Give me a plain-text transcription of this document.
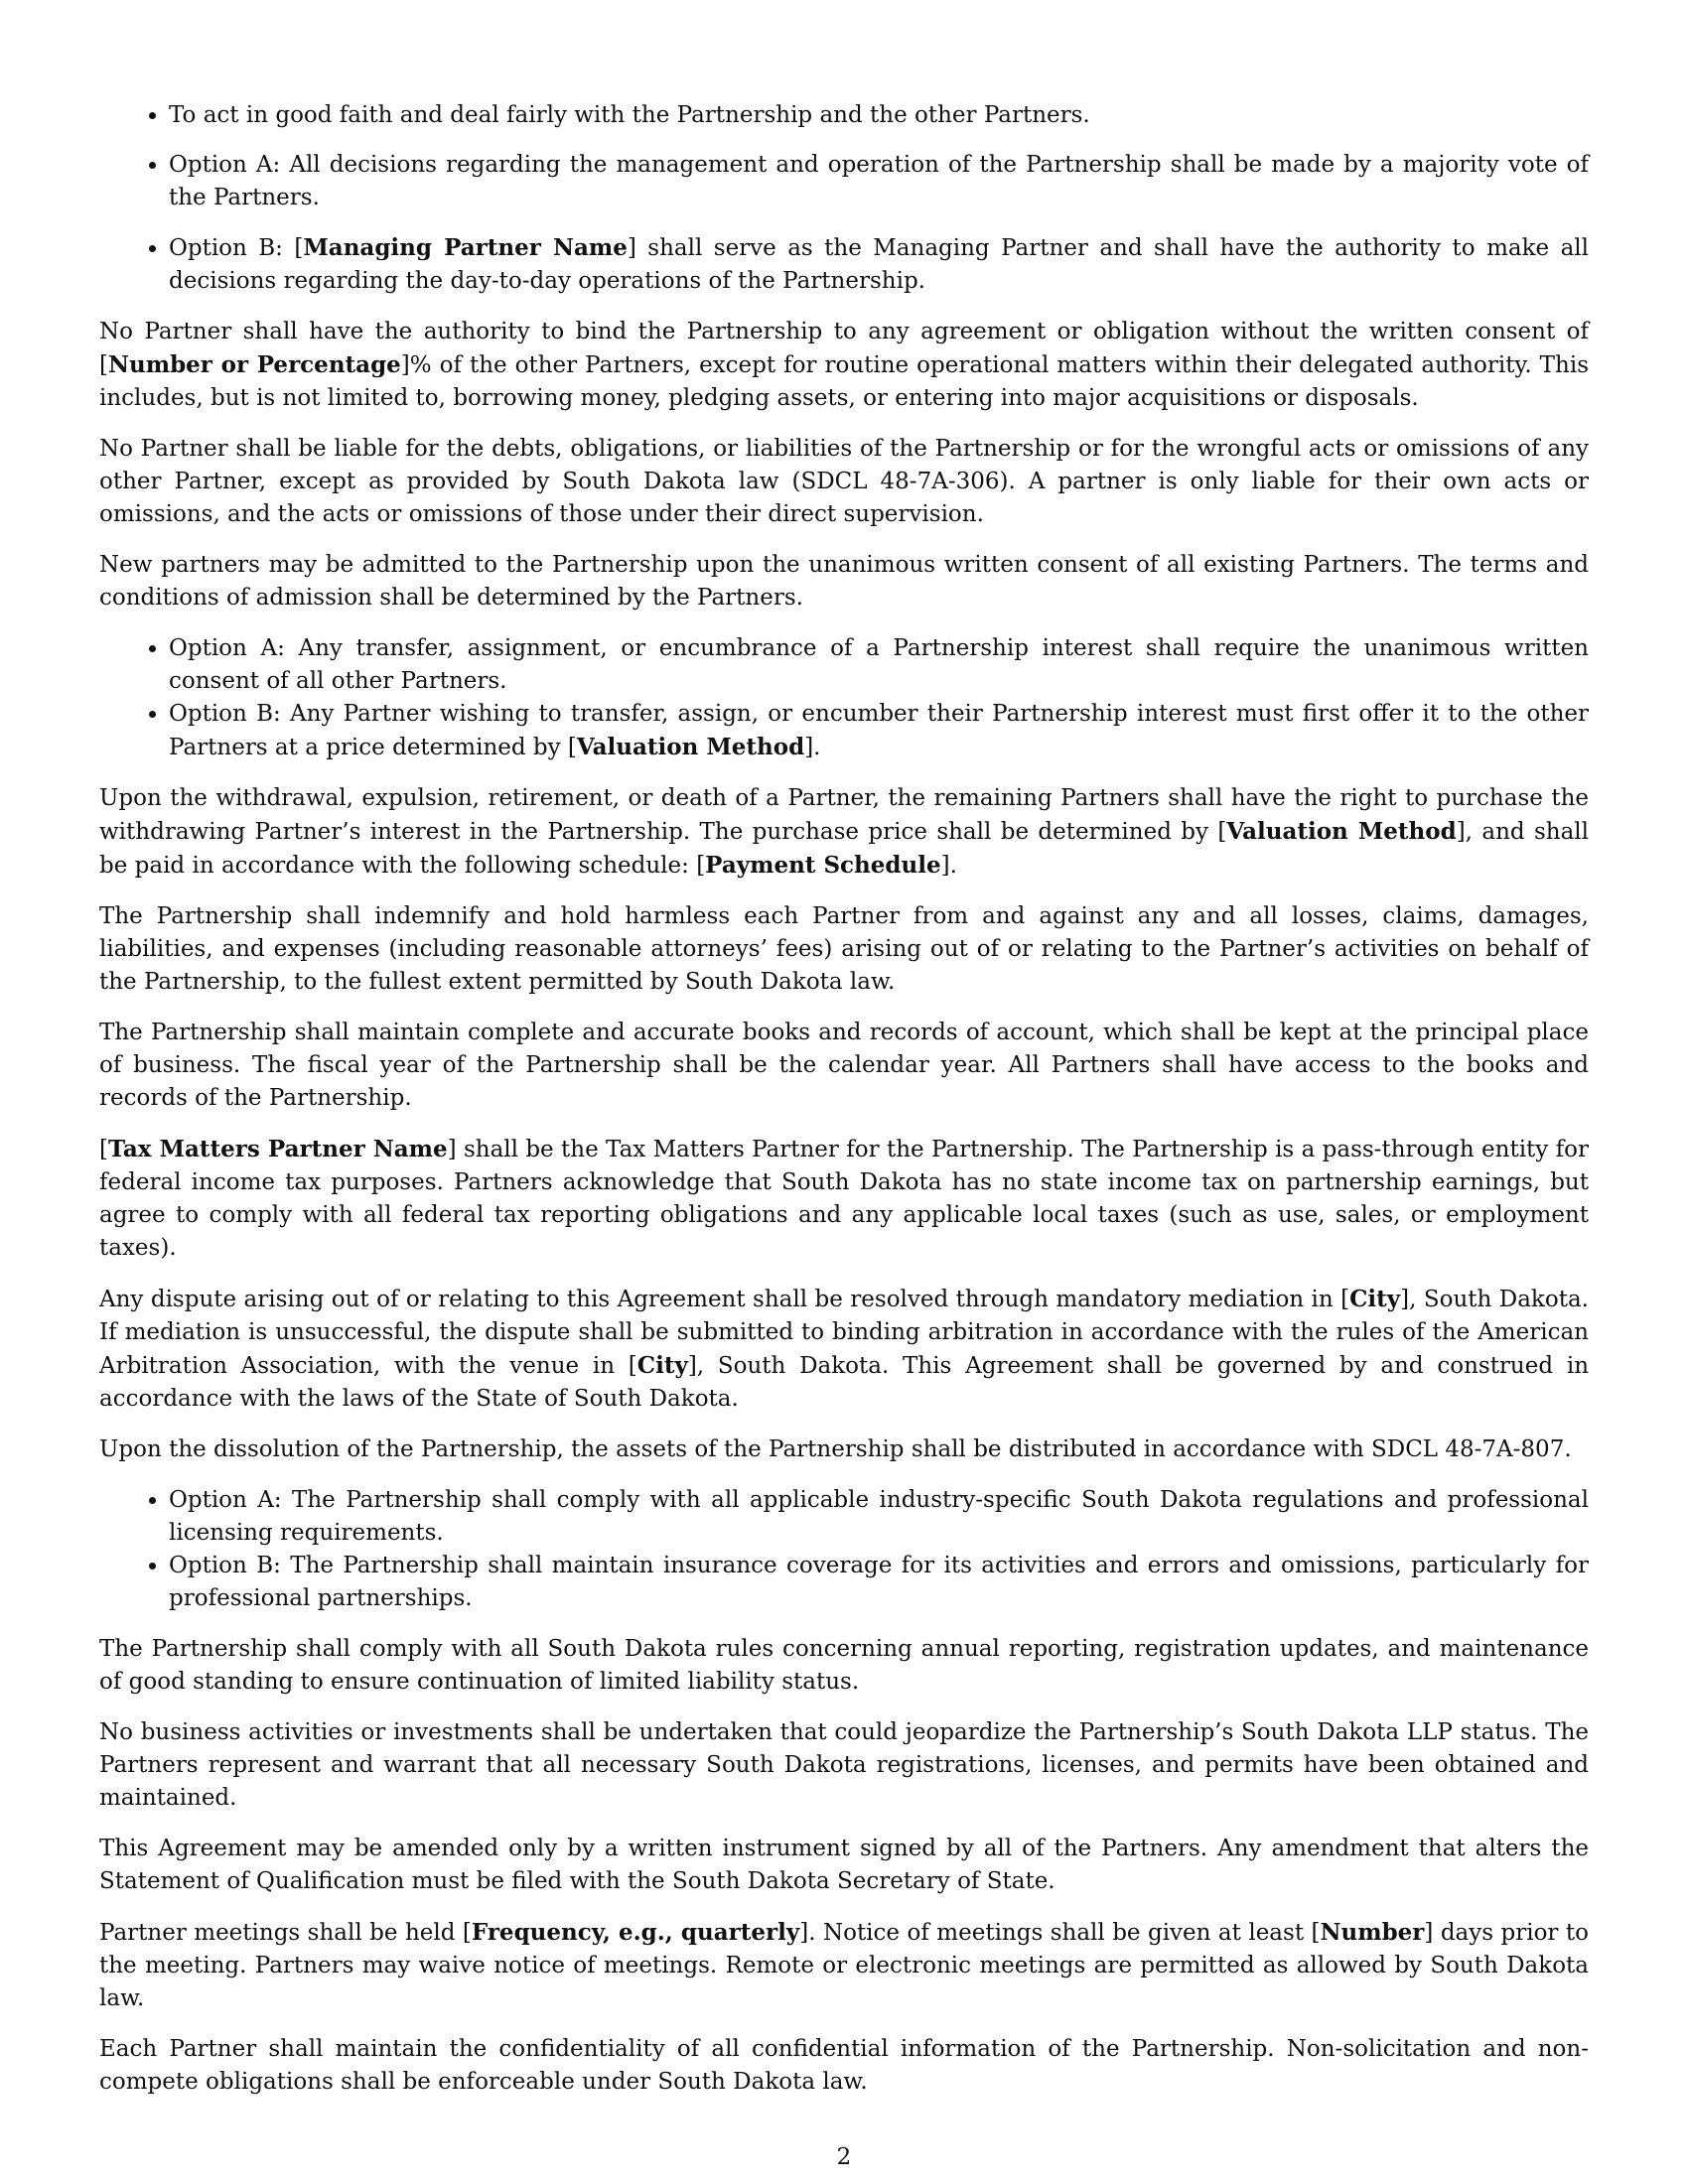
• To act in good faith and deal fairly with the Partnership and the other Partners.
• Option A: All decisions regarding the management and operation of the Partnership shall be made by a majority vote of the Partners.
• Option B: [Managing Partner Name] shall serve as the Managing Partner and shall have the authority to make all decisions regarding the day-to-day operations of the Partnership.

No Partner shall have the authority to bind the Partnership to any agreement or obligation without the written consent of [Number or Percentage]% of the other Partners, except for routine operational matters within their delegated authority. This includes, but is not limited to, borrowing money, pledging assets, or entering into major acquisitions or disposals.

No Partner shall be liable for the debts, obligations, or liabilities of the Partnership or for the wrongful acts or omissions of any other Partner, except as provided by South Dakota law (SDCL 48-7A-306). A partner is only liable for their own acts or omissions, and the acts or omissions of those under their direct supervision.

New partners may be admitted to the Partnership upon the unanimous written consent of all existing Partners. The terms and conditions of admission shall be determined by the Partners.

• Option A: Any transfer, assignment, or encumbrance of a Partnership interest shall require the unanimous written consent of all other Partners.
• Option B: Any Partner wishing to transfer, assign, or encumber their Partnership interest must first offer it to the other Partners at a price determined by [Valuation Method].

Upon the withdrawal, expulsion, retirement, or death of a Partner, the remaining Partners shall have the right to purchase the withdrawing Partner’s interest in the Partnership. The purchase price shall be determined by [Valuation Method], and shall be paid in accordance with the following schedule: [Payment Schedule].

The Partnership shall indemnify and hold harmless each Partner from and against any and all losses, claims, damages, liabilities, and expenses (including reasonable attorneys’ fees) arising out of or relating to the Partner’s activities on behalf of the Partnership, to the fullest extent permitted by South Dakota law.

The Partnership shall maintain complete and accurate books and records of account, which shall be kept at the principal place of business. The fiscal year of the Partnership shall be the calendar year. All Partners shall have access to the books and records of the Partnership.

[Tax Matters Partner Name] shall be the Tax Matters Partner for the Partnership. The Partnership is a pass-through entity for federal income tax purposes. Partners acknowledge that South Dakota has no state income tax on partnership earnings, but agree to comply with all federal tax reporting obligations and any applicable local taxes (such as use, sales, or employment taxes).

Any dispute arising out of or relating to this Agreement shall be resolved through mandatory mediation in [City], South Dakota. If mediation is unsuccessful, the dispute shall be submitted to binding arbitration in accordance with the rules of the American Arbitration Association, with the venue in [City], South Dakota. This Agreement shall be governed by and construed in accordance with the laws of the State of South Dakota.

Upon the dissolution of the Partnership, the assets of the Partnership shall be distributed in accordance with SDCL 48-7A-807.

• Option A: The Partnership shall comply with all applicable industry-specific South Dakota regulations and professional licensing requirements.
• Option B: The Partnership shall maintain insurance coverage for its activities and errors and omissions, particularly for professional partnerships.

The Partnership shall comply with all South Dakota rules concerning annual reporting, registration updates, and maintenance of good standing to ensure continuation of limited liability status.

No business activities or investments shall be undertaken that could jeopardize the Partnership’s South Dakota LLP status. The Partners represent and warrant that all necessary South Dakota registrations, licenses, and permits have been obtained and maintained.

This Agreement may be amended only by a written instrument signed by all of the Partners. Any amendment that alters the Statement of Qualification must be filed with the South Dakota Secretary of State.

Partner meetings shall be held [Frequency, e.g., quarterly]. Notice of meetings shall be given at least [Number] days prior to the meeting. Partners may waive notice of meetings. Remote or electronic meetings are permitted as allowed by South Dakota law.

Each Partner shall maintain the confidentiality of all confidential information of the Partnership. Non-solicitation and non-compete obligations shall be enforceable under South Dakota law.

2
